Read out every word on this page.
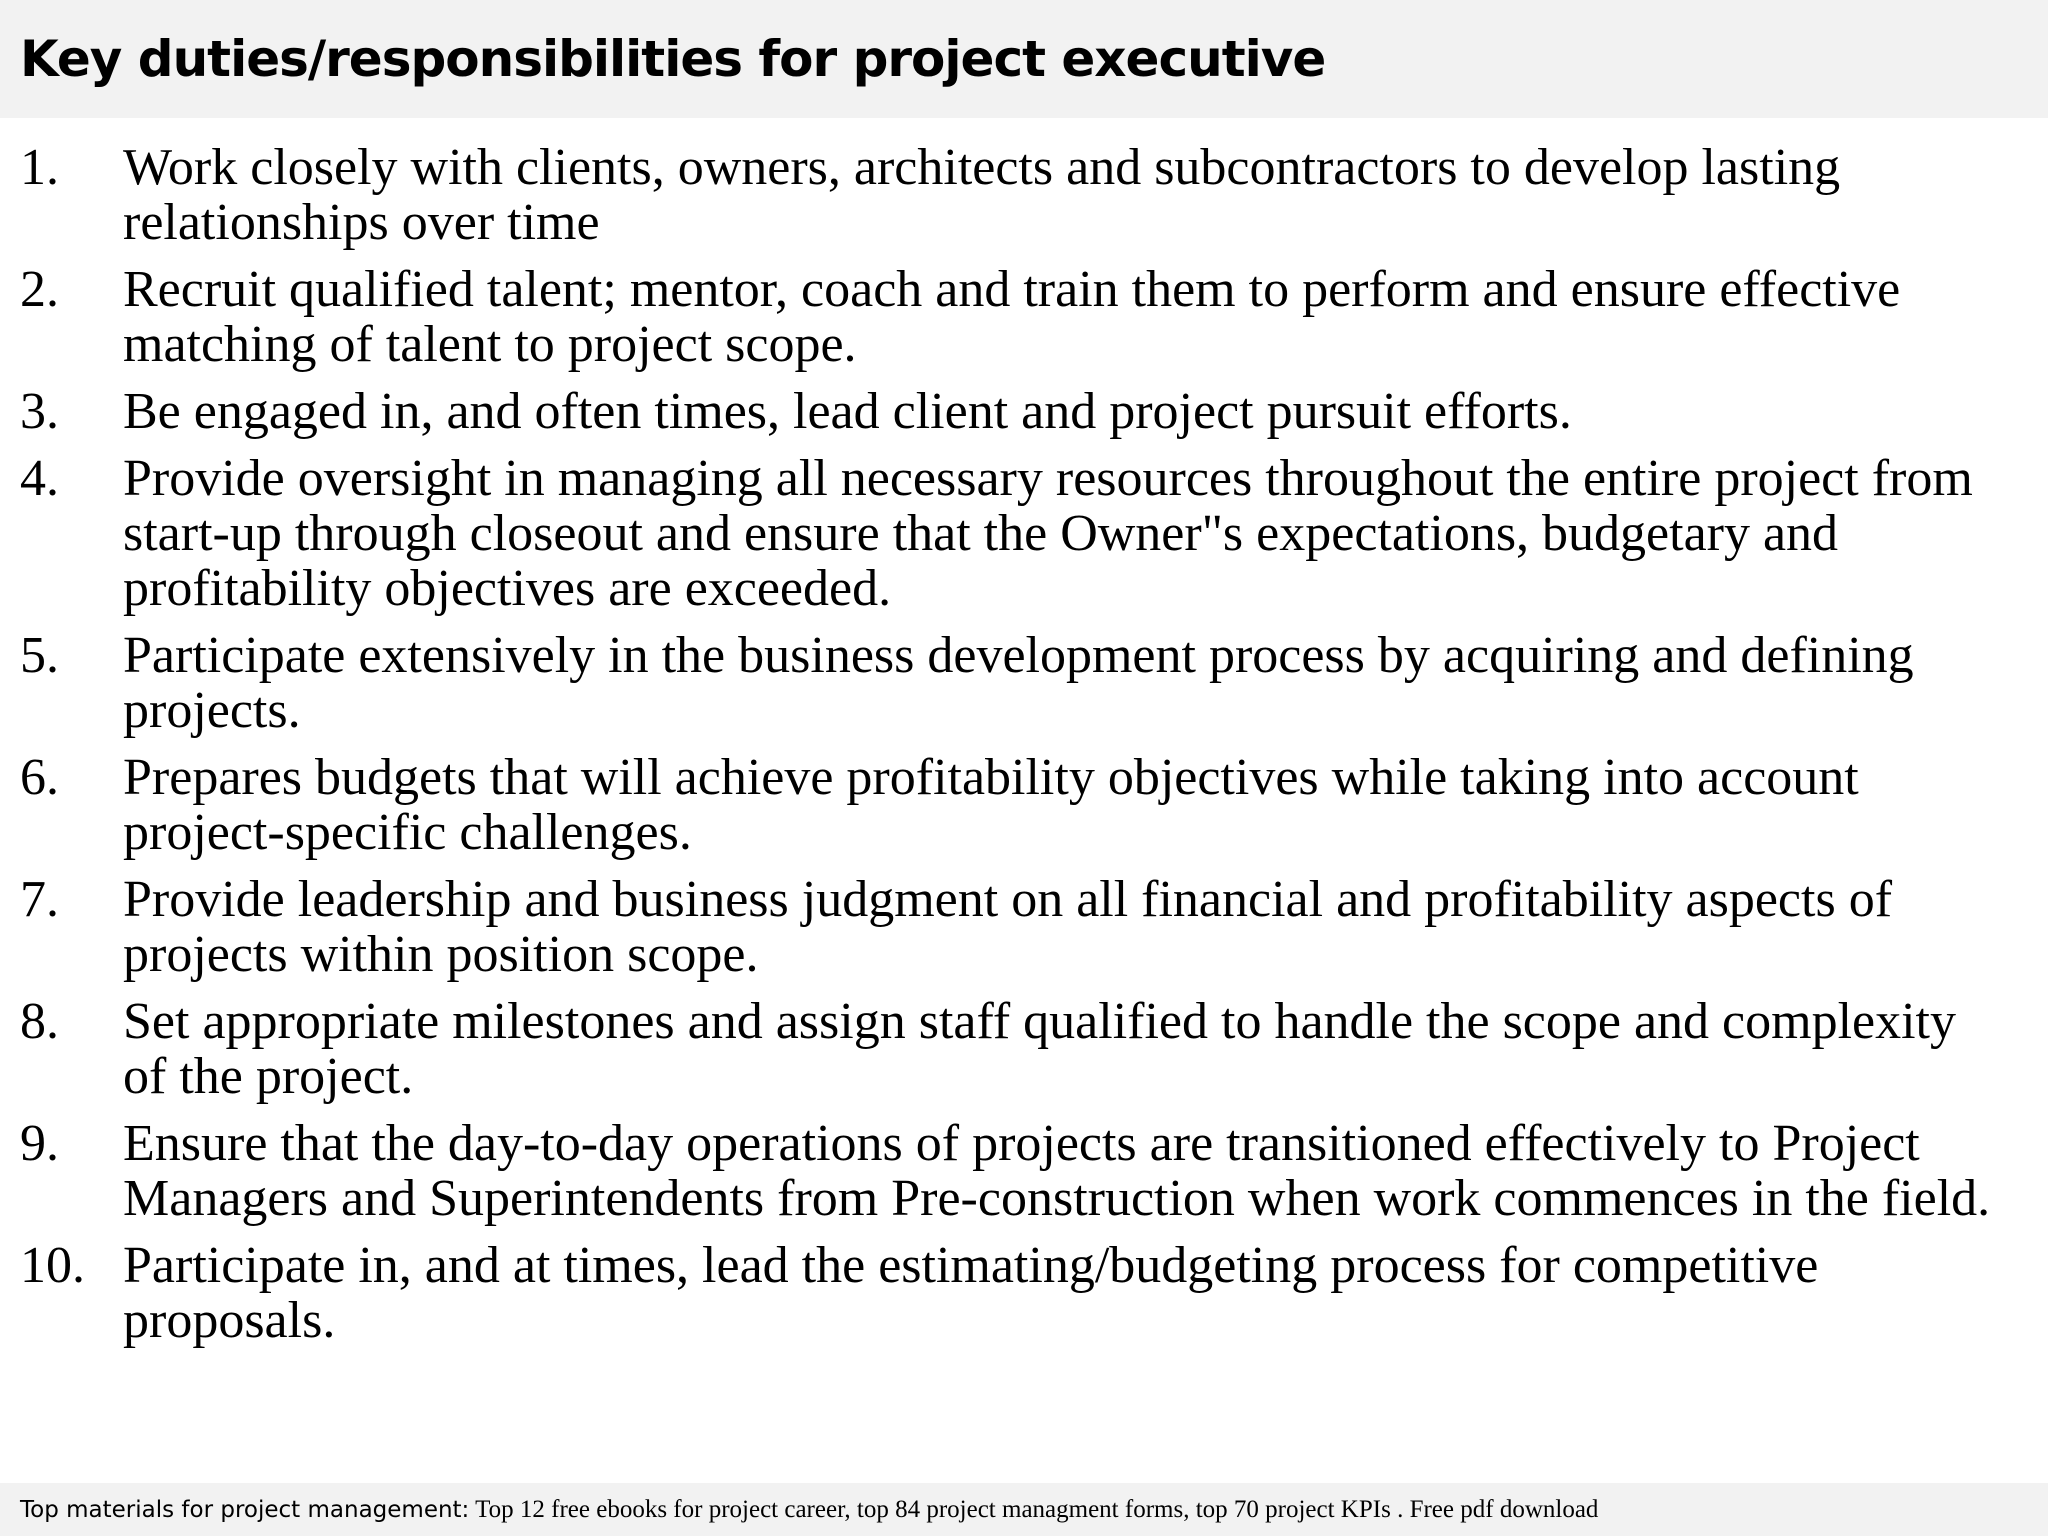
Key duties/responsibilities for project executive
1. Work closely with clients, owners, architects and subcontractors to develop lasting relationships over time
2. Recruit qualified talent; mentor, coach and train them to perform and ensure effective matching of talent to project scope.
3. Be engaged in, and often times, lead client and project pursuit efforts.
4. Provide oversight in managing all necessary resources throughout the entire project from start-up through closeout and ensure that the Owner"s expectations, budgetary and profitability objectives are exceeded.
5. Participate extensively in the business development process by acquiring and defining projects.
6. Prepares budgets that will achieve profitability objectives while taking into account project-specific challenges.
7. Provide leadership and business judgment on all financial and profitability aspects of projects within position scope.
8. Set appropriate milestones and assign staff qualified to handle the scope and complexity of the project.
9. Ensure that the day-to-day operations of projects are transitioned effectively to Project Managers and Superintendents from Pre-construction when work commences in the field.
10. Participate in, and at times, lead the estimating/budgeting process for competitive proposals.
Top materials for project management: Top 12 free ebooks for project career, top 84 project managment forms, top 70 project KPIs . Free pdf download
